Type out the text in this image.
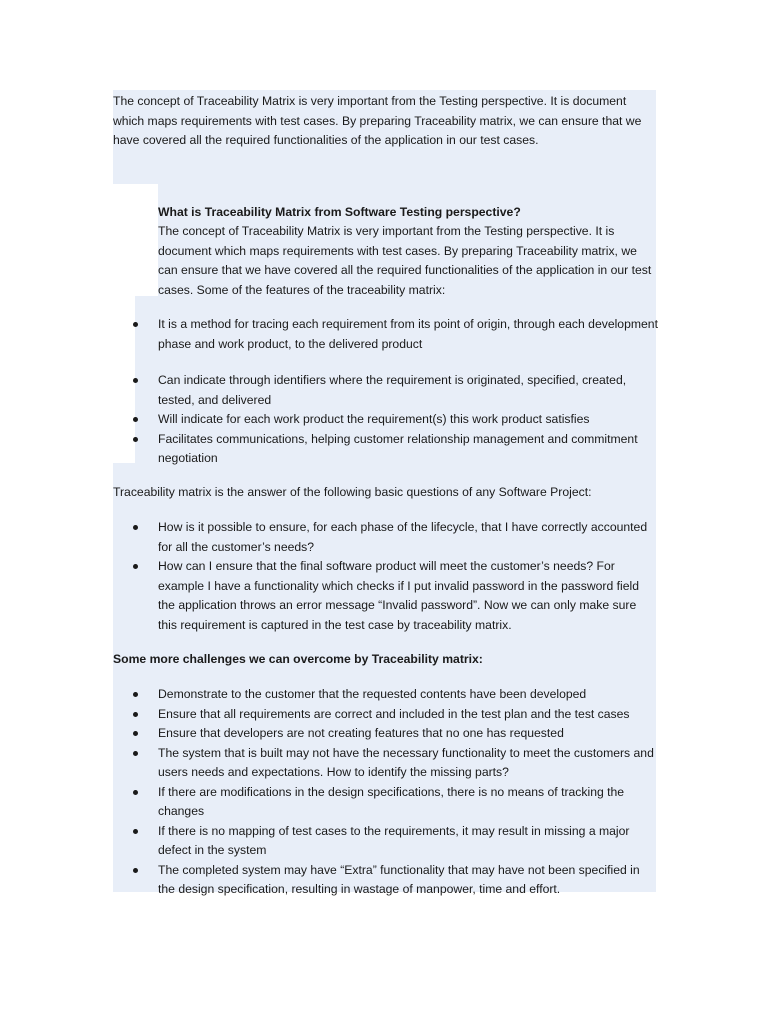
The concept of Traceability Matrix is very important from the Testing perspective. It is document which maps requirements with test cases. By preparing Traceability matrix, we can ensure that we have covered all the required functionalities of the application in our test cases.

What is Traceability Matrix from Software Testing perspective?

The concept of Traceability Matrix is very important from the Testing perspective. It is document which maps requirements with test cases. By preparing Traceability matrix, we can ensure that we have covered all the required functionalities of the application in our test cases. Some of the features of the traceability matrix:

It is a method for tracing each requirement from its point of origin, through each development phase and work product, to the delivered product
Can indicate through identifiers where the requirement is originated, specified, created, tested, and delivered
Will indicate for each work product the requirement(s) this work product satisfies
Facilitates communications, helping customer relationship management and commitment negotiation

Traceability matrix is the answer of the following basic questions of any Software Project:

How is it possible to ensure, for each phase of the lifecycle, that I have correctly accounted for all the customer’s needs?
How can I ensure that the final software product will meet the customer’s needs? For example I have a functionality which checks if I put invalid password in the password field the application throws an error message “Invalid password”. Now we can only make sure this requirement is captured in the test case by traceability matrix.

Some more challenges we can overcome by Traceability matrix:

Demonstrate to the customer that the requested contents have been developed
Ensure that all requirements are correct and included in the test plan and the test cases
Ensure that developers are not creating features that no one has requested
The system that is built may not have the necessary functionality to meet the customers and users needs and expectations. How to identify the missing parts?
If there are modifications in the design specifications, there is no means of tracking the changes
If there is no mapping of test cases to the requirements, it may result in missing a major defect in the system
The completed system may have “Extra” functionality that may have not been specified in the design specification, resulting in wastage of manpower, time and effort.
